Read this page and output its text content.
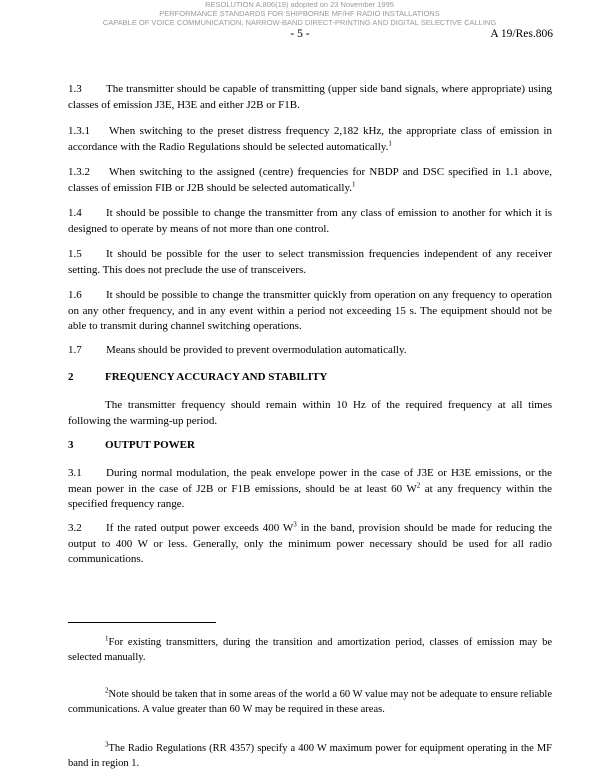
RESOLUTION A.806(19) adopted on 23 November 1995
PERFORMANCE STANDARDS FOR SHIPBORNE MF/HF RADIO INSTALLATIONS
CAPABLE OF VOICE COMMUNICATION, NARROW-BAND DIRECT-PRINTING AND DIGITAL SELECTIVE CALLING
- 5 -	A 19/Res.806
1.3 The transmitter should be capable of transmitting (upper side band signals, where appropriate) using classes of emission J3E, H3E and either J2B or F1B.
1.3.1 When switching to the preset distress frequency 2,182 kHz, the appropriate class of emission in accordance with the Radio Regulations should be selected automatically.$^1$
1.3.2 When switching to the assigned (centre) frequencies for NBDP and DSC specified in 1.1 above, classes of emission FIB or J2B should be selected automatically.$^1$
1.4 It should be possible to change the transmitter from any class of emission to another for which it is designed to operate by means of not more than one control.
1.5 It should be possible for the user to select transmission frequencies independent of any receiver setting. This does not preclude the use of transceivers.
1.6 It should be possible to change the transmitter quickly from operation on any frequency to operation on any other frequency, and in any event within a period not exceeding 15 s. The equipment should not be able to transmit during channel switching operations.
1.7 Means should be provided to prevent overmodulation automatically.
2	FREQUENCY ACCURACY AND STABILITY
The transmitter frequency should remain within 10 Hz of the required frequency at all times following the warming-up period.
3	OUTPUT POWER
3.1 During normal modulation, the peak envelope power in the case of J3E or H3E emissions, or the mean power in the case of J2B or F1B emissions, should be at least 60 $W^2$ at any frequency within the specified frequency range.
3.2 If the rated output power exceeds 400 $W^3$ in the band, provision should be made for reducing the output to 400 W or less. Generally, only the minimum power necessary should be used for all radio communications.
$^1$For existing transmitters, during the transition and amortization period, classes of emission may be selected manually.
$^2$Note should be taken that in some areas of the world a 60 W value may not be adequate to ensure reliable communications. A value greater than 60 W may be required in these areas.
$^3$The Radio Regulations (RR 4357) specify a 400 W maximum power for equipment operating in the MF band in region 1.
